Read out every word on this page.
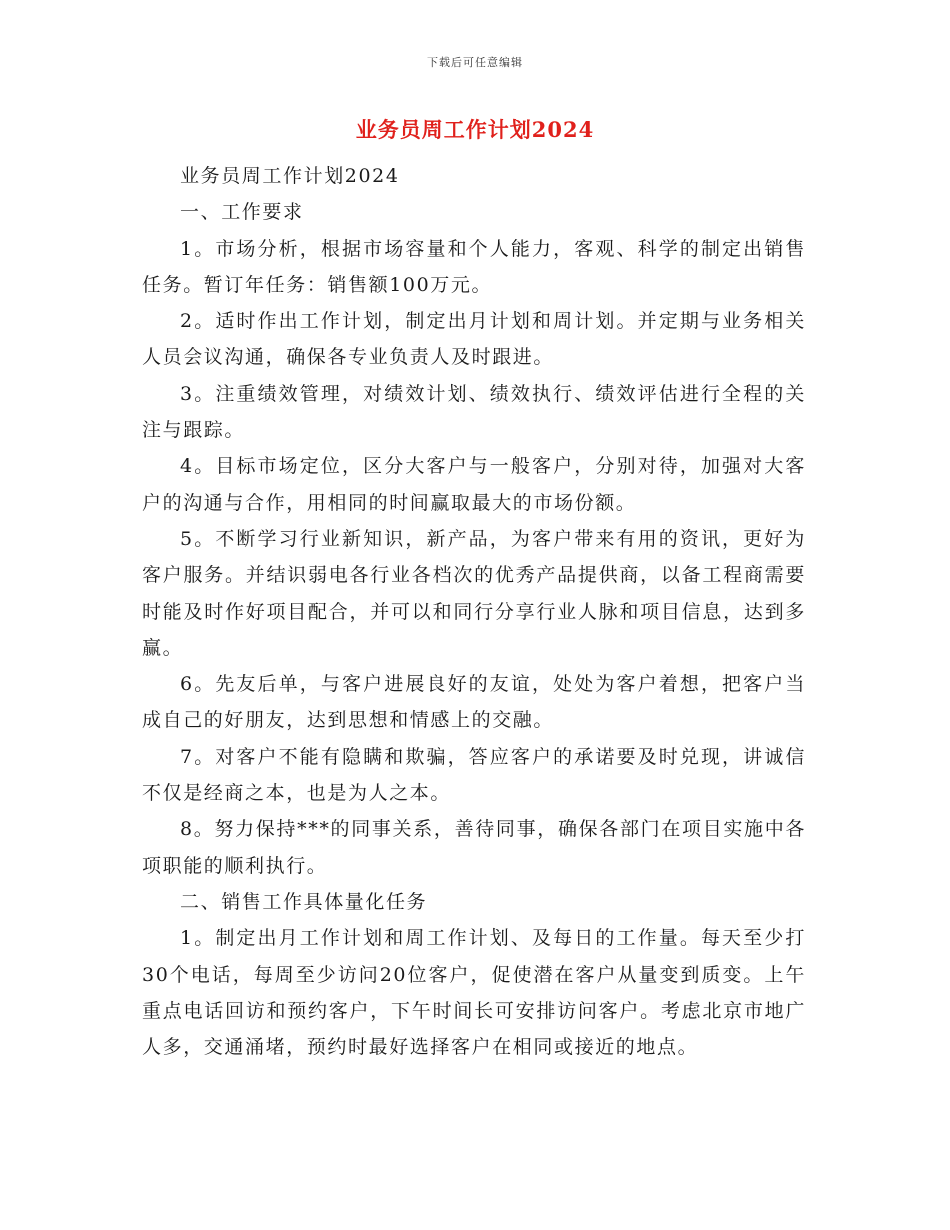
下载后可任意编辑
业务员周工作计划2024

业务员周工作计划2024

一、工作要求

1。市场分析，根据市场容量和个人能力，客观、科学的制定出销售任务。暂订年任务：销售额100万元。

2。适时作出工作计划，制定出月计划和周计划。并定期与业务相关人员会议沟通，确保各专业负责人及时跟进。

3。注重绩效管理，对绩效计划、绩效执行、绩效评估进行全程的关注与跟踪。

4。目标市场定位，区分大客户与一般客户，分别对待，加强对大客户的沟通与合作，用相同的时间赢取最大的市场份额。

5。不断学习行业新知识，新产品，为客户带来有用的资讯，更好为客户服务。并结识弱电各行业各档次的优秀产品提供商，以备工程商需要时能及时作好项目配合，并可以和同行分享行业人脉和项目信息，达到多赢。

6。先友后单，与客户进展良好的友谊，处处为客户着想，把客户当成自己的好朋友，达到思想和情感上的交融。

7。对客户不能有隐瞒和欺骗，答应客户的承诺要及时兑现，讲诚信不仅是经商之本，也是为人之本。

8。努力保持***的同事关系，善待同事，确保各部门在项目实施中各项职能的顺利执行。

二、销售工作具体量化任务

1。制定出月工作计划和周工作计划、及每日的工作量。每天至少打30个电话，每周至少访问20位客户，促使潜在客户从量变到质变。上午重点电话回访和预约客户，下午时间长可安排访问客户。考虑北京市地广人多，交通涌堵，预约时最好选择客户在相同或接近的地点。
